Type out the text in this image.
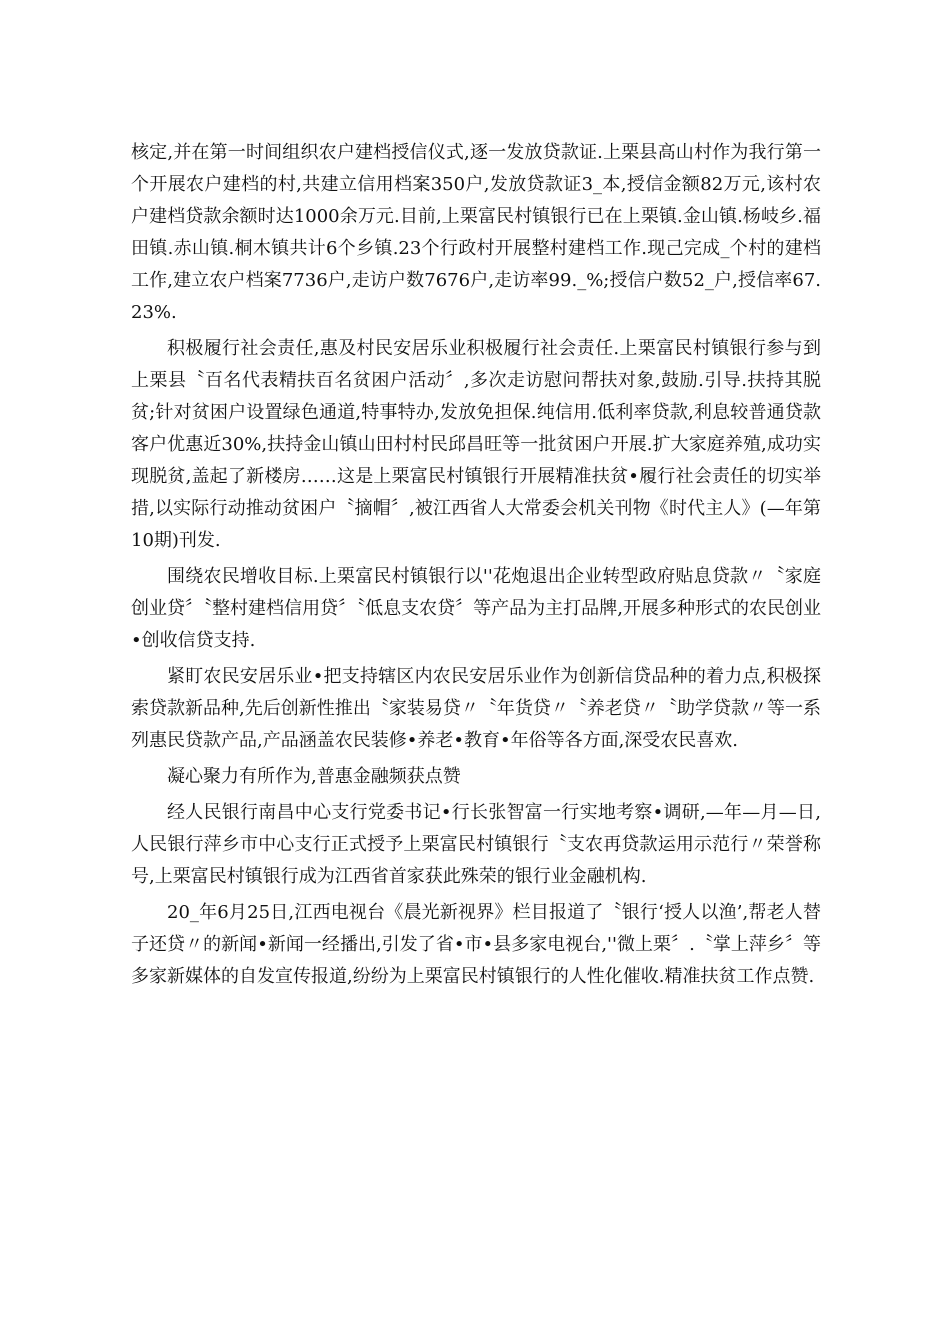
核定,并在第一时间组织农户建档授信仪式,逐一发放贷款证.上栗县高山村作为我行第一个开展农户建档的村,共建立信用档案350户,发放贷款证3_本,授信金额82万元,该村农户建档贷款余额时达1000余万元.目前,上栗富民村镇银行已在上栗镇.金山镇.杨岐乡.福田镇.赤山镇.桐木镇共计6个乡镇.23个行政村开展整村建档工作.现己完成_个村的建档工作,建立农户档案7736户,走访户数7676户,走访率99._%;授信户数52_户,授信率67.23%.

积极履行社会责任,惠及村民安居乐业积极履行社会责任.上栗富民村镇银行参与到上栗县〝百名代表精扶百名贫困户活动〞,多次走访慰问帮扶对象,鼓励.引导.扶持其脱贫;针对贫困户设置绿色通道,特事特办,发放免担保.纯信用.低利率贷款,利息较普通贷款客户优惠近30%,扶持金山镇山田村村民邱昌旺等一批贫困户开展.扩大家庭养殖,成功实现脱贫,盖起了新楼房……这是上栗富民村镇银行开展精准扶贫•履行社会责任的切实举措,以实际行动推动贫困户〝摘帽〞,被江西省人大常委会机关刊物《时代主人》(—年第10期)刊发.

围绕农民增收目标.上栗富民村镇银行以''花炮退出企业转型政府贴息贷款〃〝家庭创业贷〞〝整村建档信用贷〞〝低息支农贷〞等产品为主打品牌,开展多种形式的农民创业•创收信贷支持.

紧盯农民安居乐业•把支持辖区内农民安居乐业作为创新信贷品种的着力点,积极探索贷款新品种,先后创新性推出〝家装易贷〃〝年货贷〃〝养老贷〃〝助学贷款〃等一系列惠民贷款产品,产品涵盖农民装修•养老•教育•年俗等各方面,深受农民喜欢.

凝心聚力有所作为,普惠金融频获点赞

经人民银行南昌中心支行党委书记•行长张智富一行实地考察•调研,—年—月—日,人民银行萍乡市中心支行正式授予上栗富民村镇银行〝支农再贷款运用示范行〃荣誉称号,上栗富民村镇银行成为江西省首家获此殊荣的银行业金融机构.

20_年6月25日,江西电视台《晨光新视界》栏目报道了〝银行‘授人以渔’,帮老人替子还贷〃的新闻•新闻一经播出,引发了省•市•县多家电视台,''微上栗〞.〝掌上萍乡〞等多家新媒体的自发宣传报道,纷纷为上栗富民村镇银行的人性化催收.精准扶贫工作点赞.
